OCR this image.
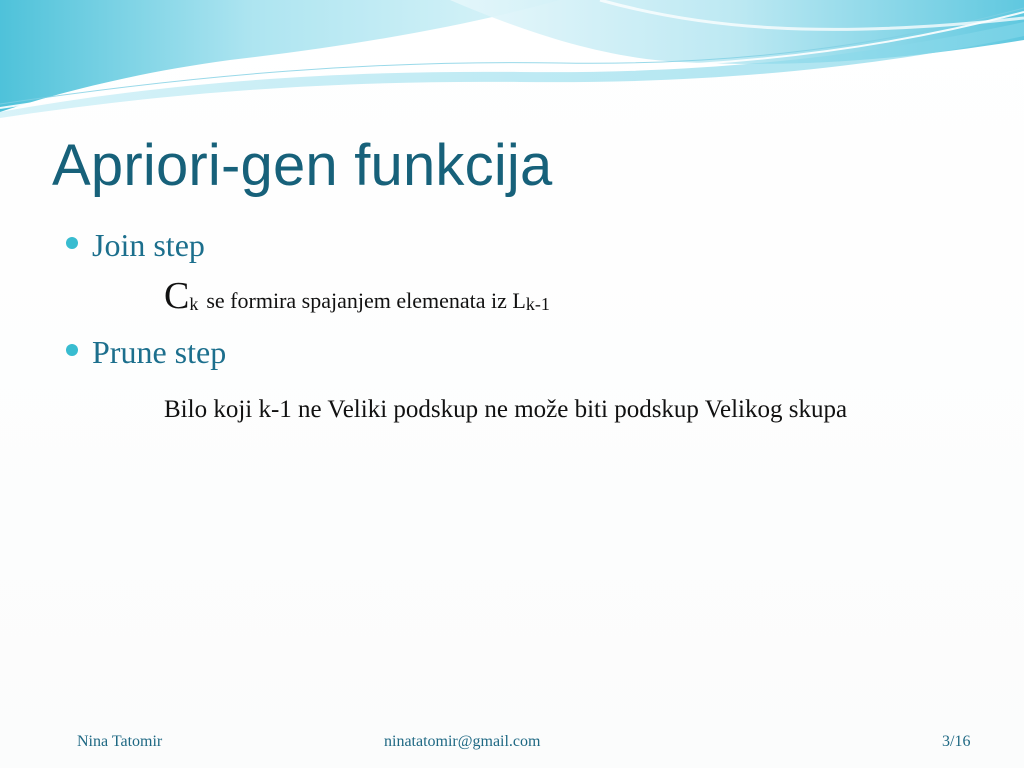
Apriori-gen funkcija
Join step
Ck se formira spajanjem elemenata iz Lk-1
Prune step
Bilo koji k-1 ne Veliki podskup ne može biti podskup Velikog skupa
Nina Tatomir	ninatatomir@gmail.com	3/16
